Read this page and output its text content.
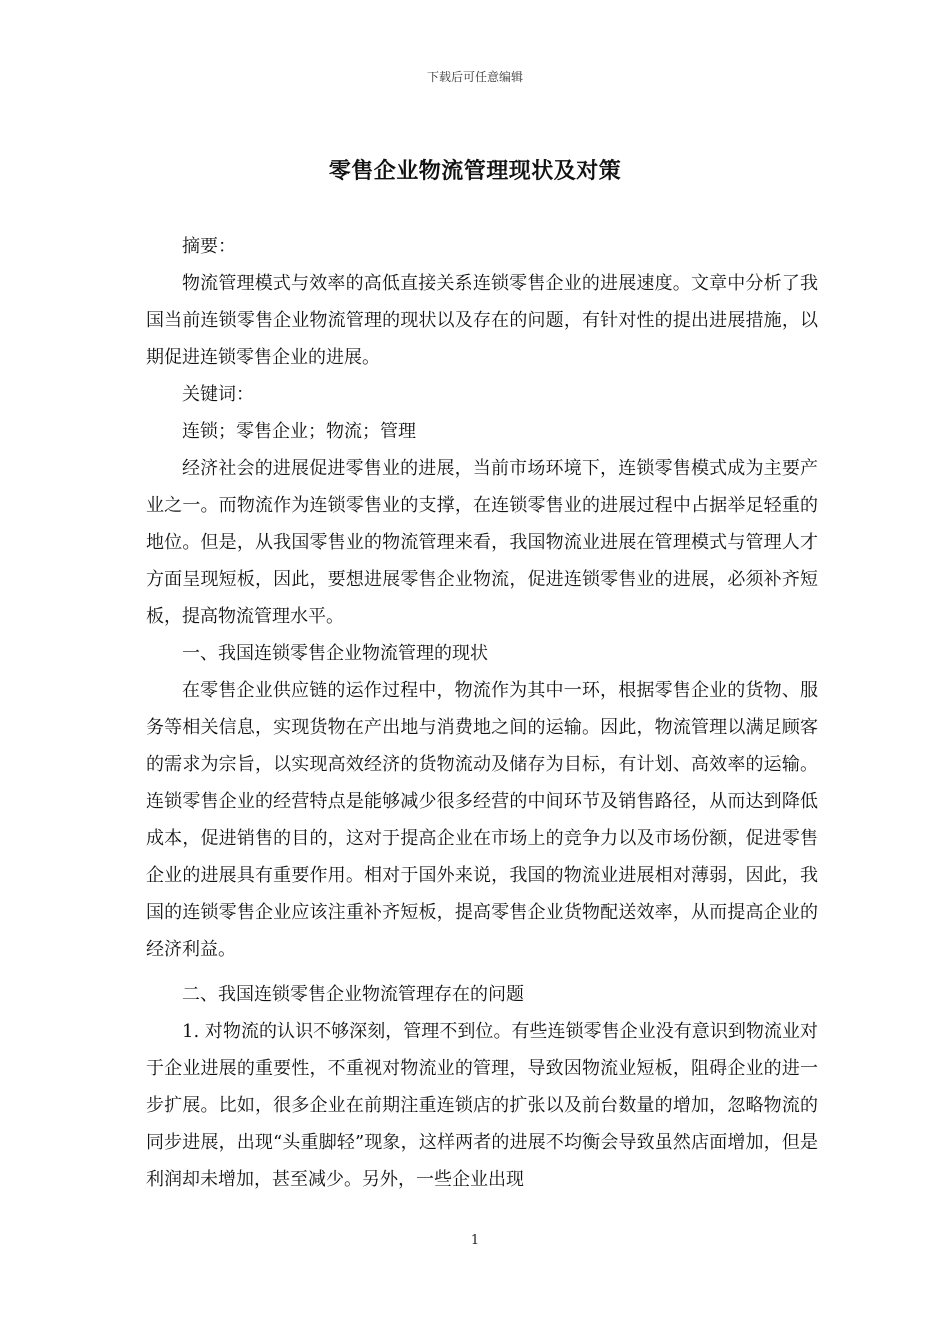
下载后可任意编辑
零售企业物流管理现状及对策

摘要：

物流管理模式与效率的高低直接关系连锁零售企业的进展速度。文章中分析了我国当前连锁零售企业物流管理的现状以及存在的问题，有针对性的提出进展措施，以期促进连锁零售企业的进展。

关键词：

连锁；零售企业；物流；管理

经济社会的进展促进零售业的进展，当前市场环境下，连锁零售模式成为主要产业之一。而物流作为连锁零售业的支撑，在连锁零售业的进展过程中占据举足轻重的地位。但是，从我国零售业的物流管理来看，我国物流业进展在管理模式与管理人才方面呈现短板，因此，要想进展零售企业物流，促进连锁零售业的进展，必须补齐短板，提高物流管理水平。

一、我国连锁零售企业物流管理的现状

在零售企业供应链的运作过程中，物流作为其中一环，根据零售企业的货物、服务等相关信息，实现货物在产出地与消费地之间的运输。因此，物流管理以满足顾客的需求为宗旨，以实现高效经济的货物流动及储存为目标，有计划、高效率的运输。连锁零售企业的经营特点是能够减少很多经营的中间环节及销售路径，从而达到降低成本，促进销售的目的，这对于提高企业在市场上的竞争力以及市场份额，促进零售企业的进展具有重要作用。相对于国外来说，我国的物流业进展相对薄弱，因此，我国的连锁零售企业应该注重补齐短板，提高零售企业货物配送效率，从而提高企业的经济利益。

二、我国连锁零售企业物流管理存在的问题

1. 对物流的认识不够深刻，管理不到位。有些连锁零售企业没有意识到物流业对于企业进展的重要性，不重视对物流业的管理，导致因物流业短板，阻碍企业的进一步扩展。比如，很多企业在前期注重连锁店的扩张以及前台数量的增加，忽略物流的同步进展，出现“头重脚轻”现象，这样两者的进展不均衡会导致虽然店面增加，但是利润却未增加，甚至减少。另外，一些企业出现

1
